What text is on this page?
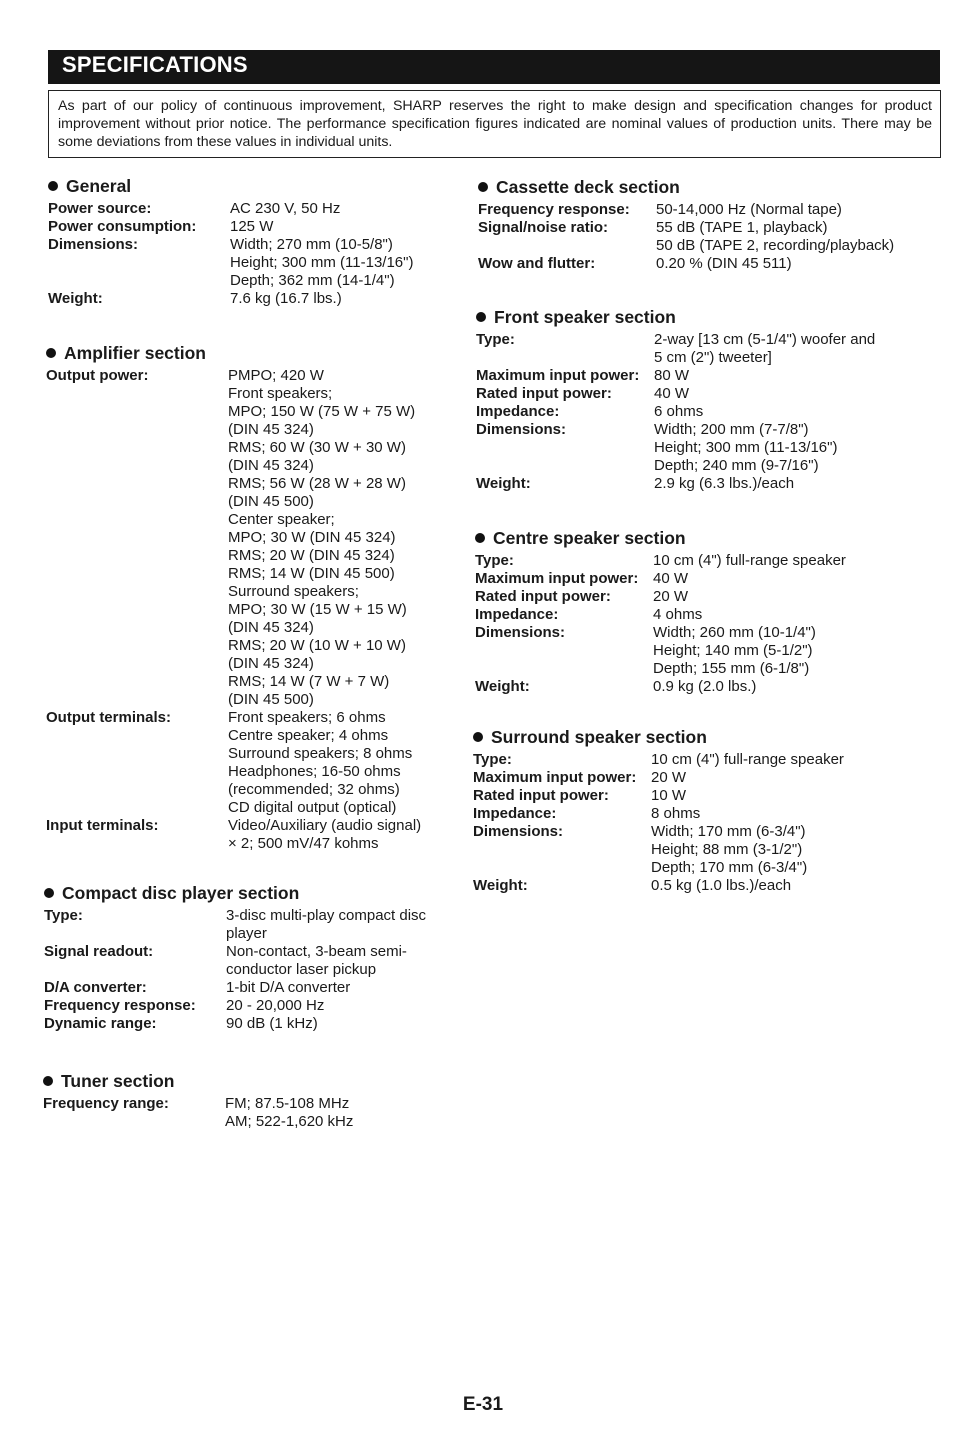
SPECIFICATIONS
As part of our policy of continuous improvement, SHARP reserves the right to make design and specification changes for product improvement without prior notice. The performance specification figures indicated are nominal values of production units. There may be some deviations from these values in individual units.
General
Power source:	AC 230 V, 50 Hz
Power consumption:	125 W
Dimensions:	Width; 270 mm (10-5/8")
Height; 300 mm (11-13/16")
Depth; 362 mm (14-1/4")
Weight:	7.6 kg (16.7 lbs.)
Amplifier section
Output power:	PMPO; 420 W
Front speakers;
MPO; 150 W (75 W + 75 W)
(DIN 45 324)
RMS; 60 W (30 W + 30 W)
(DIN 45 324)
RMS; 56 W (28 W + 28 W)
(DIN 45 500)
Center speaker;
MPO; 30 W (DIN 45 324)
RMS; 20 W (DIN 45 324)
RMS; 14 W (DIN 45 500)
Surround speakers;
MPO; 30 W (15 W + 15 W)
(DIN 45 324)
RMS; 20 W (10 W + 10 W)
(DIN 45 324)
RMS; 14 W (7 W + 7 W)
(DIN 45 500)
Output terminals:	Front speakers; 6 ohms
Centre speaker; 4 ohms
Surround speakers; 8 ohms
Headphones; 16-50 ohms
(recommended; 32 ohms)
CD digital output (optical)
Input terminals:	Video/Auxiliary (audio signal)
× 2; 500 mV/47 kohms
Compact disc player section
Type:	3-disc multi-play compact disc
player
Signal readout:	Non-contact, 3-beam semi-
conductor laser pickup
D/A converter:	1-bit D/A converter
Frequency response:	20 - 20,000 Hz
Dynamic range:	90 dB (1 kHz)
Tuner section
Frequency range:	FM; 87.5-108 MHz
AM; 522-1,620 kHz
Cassette deck section
Frequency response:	50-14,000 Hz (Normal tape)
Signal/noise ratio:	55 dB (TAPE 1, playback)
50 dB (TAPE 2, recording/playback)
Wow and flutter:	0.20 % (DIN 45 511)
Front speaker section
Type:	2-way [13 cm (5-1/4") woofer and
5 cm (2") tweeter]
Maximum input power: 80 W
Rated input power:	40 W
Impedance:	6 ohms
Dimensions:	Width; 200 mm (7-7/8")
Height; 300 mm (11-13/16")
Depth; 240 mm (9-7/16")
Weight:	2.9 kg (6.3 lbs.)/each
Centre speaker section
Type:	10 cm (4") full-range speaker
Maximum input power: 40 W
Rated input power:	20 W
Impedance:	4 ohms
Dimensions:	Width; 260 mm (10-1/4")
Height; 140 mm (5-1/2")
Depth; 155 mm (6-1/8")
Weight:	0.9 kg (2.0 lbs.)
Surround speaker section
Type:	10 cm (4") full-range speaker
Maximum input power: 20 W
Rated input power:	10 W
Impedance:	8 ohms
Dimensions:	Width; 170 mm (6-3/4")
Height; 88 mm (3-1/2")
Depth; 170 mm (6-3/4")
Weight:	0.5 kg (1.0 lbs.)/each
E-31
